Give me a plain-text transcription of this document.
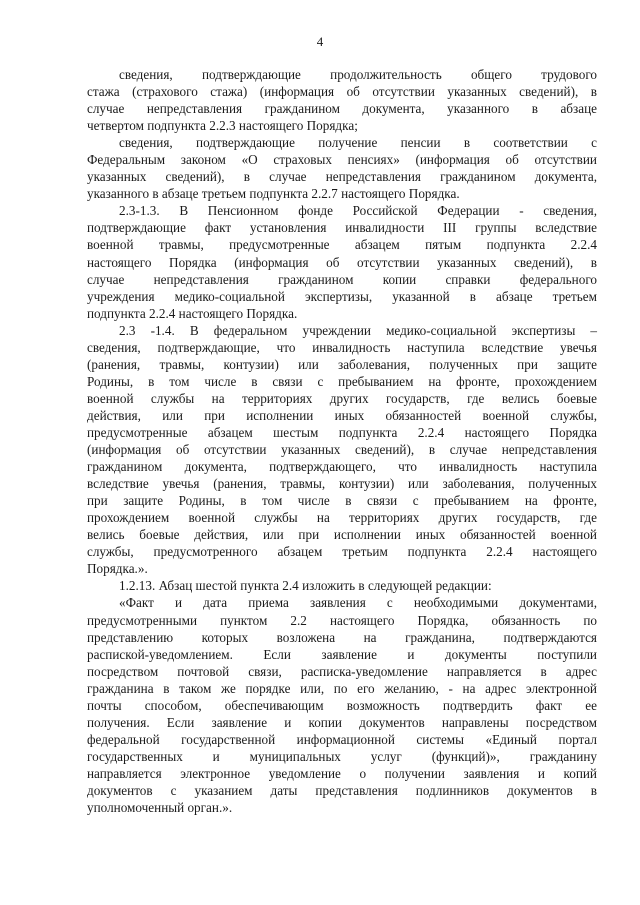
4
сведения, подтверждающие продолжительность общего трудового
стажа (страхового стажа) (информация об отсутствии указанных сведений), в
случае непредставления гражданином документа, указанного в абзаце
четвертом подпункта 2.2.3 настоящего Порядка;
сведения, подтверждающие получение пенсии в соответствии с
Федеральным законом «О страховых пенсиях» (информация об отсутствии
указанных сведений), в случае непредставления гражданином документа,
указанного в абзаце третьем подпункта 2.2.7 настоящего Порядка.
2.3-1.3. В Пенсионном фонде Российской Федерации - сведения,
подтверждающие факт установления инвалидности III группы вследствие
военной травмы, предусмотренные абзацем пятым подпункта 2.2.4
настоящего Порядка (информация об отсутствии указанных сведений), в
случае непредставления гражданином копии справки федерального
учреждения медико-социальной экспертизы, указанной в абзаце третьем
подпункта 2.2.4 настоящего Порядка.
2.3 -1.4. В федеральном учреждении медико-социальной экспертизы –
сведения, подтверждающие, что инвалидность наступила вследствие увечья
(ранения, травмы, контузии) или заболевания, полученных при защите
Родины, в том числе в связи с пребыванием на фронте, прохождением
военной службы на территориях других государств, где велись боевые
действия, или при исполнении иных обязанностей военной службы,
предусмотренные абзацем шестым подпункта 2.2.4 настоящего Порядка
(информация об отсутствии указанных сведений), в случае непредставления
гражданином документа, подтверждающего, что инвалидность наступила
вследствие увечья (ранения, травмы, контузии) или заболевания, полученных
при защите Родины, в том числе в связи с пребыванием на фронте,
прохождением военной службы на территориях других государств, где
велись боевые действия, или при исполнении иных обязанностей военной
службы, предусмотренного абзацем третьим подпункта 2.2.4 настоящего
Порядка.».
1.2.13. Абзац шестой пункта 2.4 изложить в следующей редакции:
«Факт и дата приема заявления с необходимыми документами,
предусмотренными пунктом 2.2 настоящего Порядка, обязанность по
представлению которых возложена на гражданина, подтверждаются
распиской-уведомлением. Если заявление и документы поступили
посредством почтовой связи, расписка-уведомление направляется в адрес
гражданина в таком же порядке или, по его желанию, - на адрес электронной
почты способом, обеспечивающим возможность подтвердить факт ее
получения. Если заявление и копии документов направлены посредством
федеральной государственной информационной системы «Единый портал
государственных и муниципальных услуг (функций)», гражданину
направляется электронное уведомление о получении заявления и копий
документов с указанием даты представления подлинников документов в
уполномоченный орган.».
